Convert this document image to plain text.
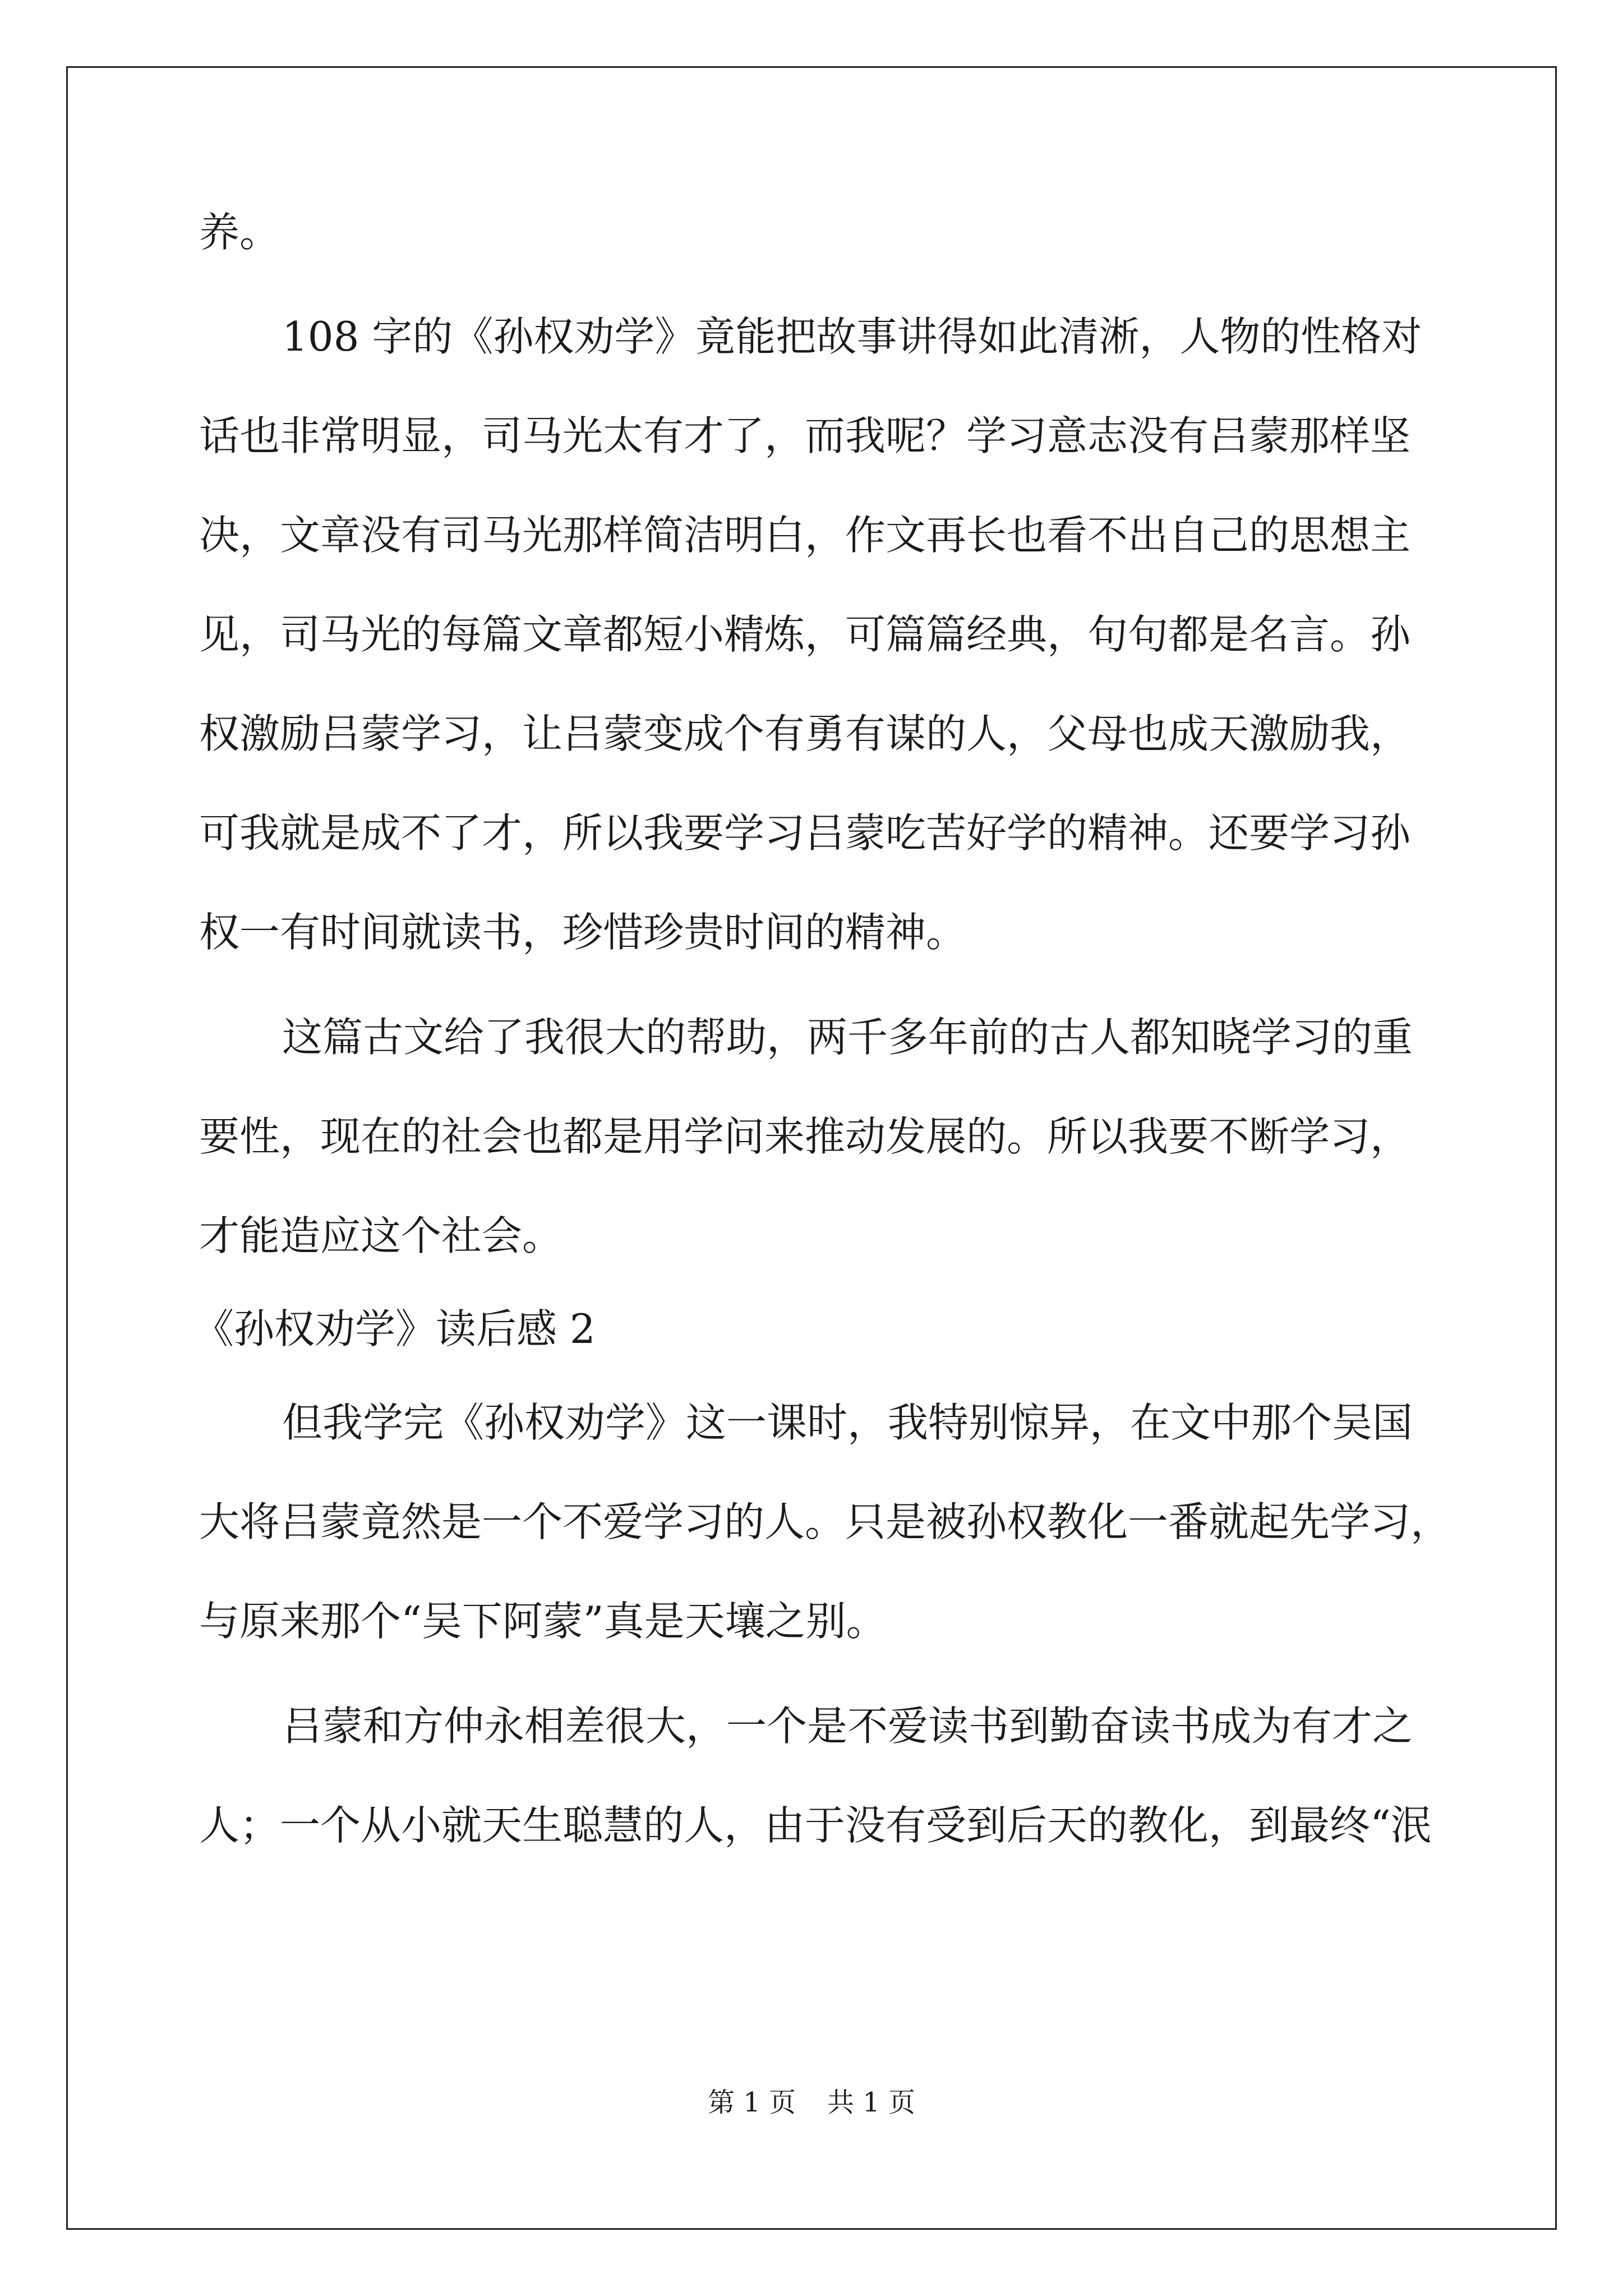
养。
108 字的《孙权劝学》竟能把故事讲得如此清淅，人物的性格对
话也非常明显，司马光太有才了，而我呢？学习意志没有吕蒙那样坚
决，文章没有司马光那样简洁明白，作文再长也看不出自己的思想主
见，司马光的每篇文章都短小精炼，可篇篇经典，句句都是名言。孙
权激励吕蒙学习，让吕蒙变成个有勇有谋的人，父母也成天激励我，
可我就是成不了才，所以我要学习吕蒙吃苦好学的精神。还要学习孙
权一有时间就读书，珍惜珍贵时间的精神。
这篇古文给了我很大的帮助，两千多年前的古人都知晓学习的重
要性，现在的社会也都是用学问来推动发展的。所以我要不断学习，
才能造应这个社会。
《孙权劝学》读后感 2
但我学完《孙权劝学》这一课时，我特别惊异，在文中那个吴国
大将吕蒙竟然是一个不爱学习的人。只是被孙权教化一番就起先学习，
与原来那个“吴下阿蒙”真是天壤之别。
吕蒙和方仲永相差很大，一个是不爱读书到勤奋读书成为有才之
人；一个从小就天生聪慧的人，由于没有受到后天的教化，到最终“泯
第 1 页 共 1 页
